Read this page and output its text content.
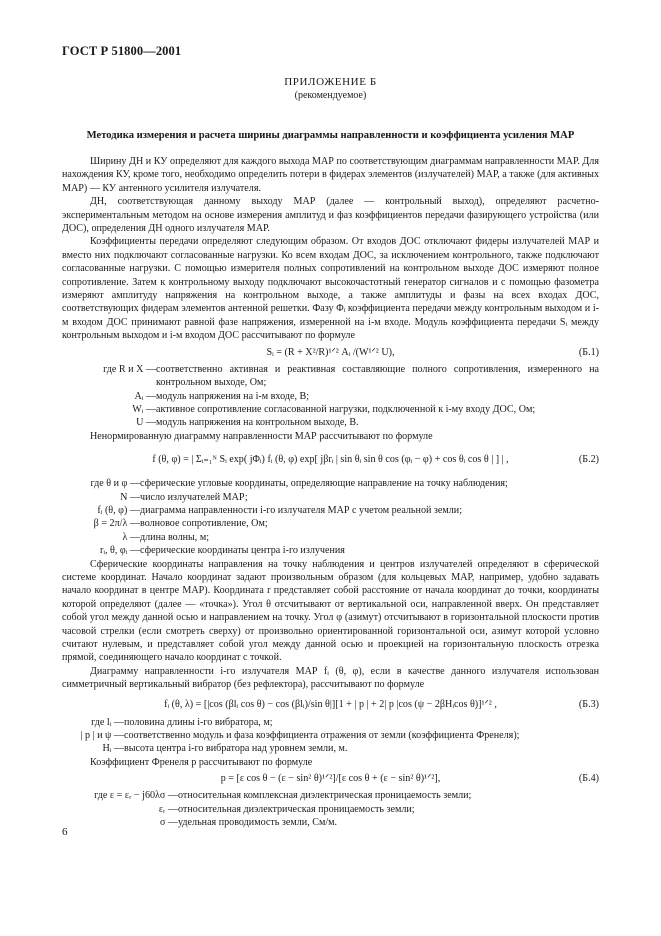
ГОСТ Р 51800—2001
ПРИЛОЖЕНИЕ Б
(рекомендуемое)
Методика измерения и расчета ширины диаграммы направленности и коэффициента усиления МАР

Ширину ДН и КУ определяют для каждого выхода МАР по соответствующим диаграммам направленности МАР. Для нахождения КУ, кроме того, необходимо определить потери в фидерах элементов (излучателей) МАР, а также (для активных МАР) — КУ антенного усилителя излучателя.

ДН, соответствующая данному выходу МАР (далее — контрольный выход), определяют расчетно-экспериментальным методом на основе измерения амплитуд и фаз коэффициентов передачи фазирующего устройства (или ДОС), определения ДН одного излучателя МАР.

Коэффициенты передачи определяют следующим образом. От входов ДОС отключают фидеры излучателей МАР и вместо них подключают согласованные нагрузки. Ко всем входам ДОС, за исключением контрольного, также подключают согласованные нагрузки. С помощью измерителя полных сопротивлений на контрольном выходе ДОС измеряют полное сопротивление. Затем к контрольному выходу подключают высокочастотный генератор сигналов и с помощью фазометра измеряют амплитуду напряжения на контрольном выходе, а также амплитуды и фазы на всех входах ДОС, соответствующих фидерам элементов антенной решетки. Фазу Φᵢ коэффициента передачи между контрольным выходом и i-м входом ДОС принимают равной фазе напряжения, измеренной на i-м входе. Модуль коэффициента передачи Sᵢ между контрольным выходом и i-м входом ДОС рассчитывают по формуле

Sᵢ = (R + X²/R)¹ᐟ² Aᵢ /(W¹ᐟ² U),	(Б.1)
где R и X — соответственно активная и реактивная составляющие полного сопротивления, измеренного на контрольном выходе, Ом;
Aᵢ — модуль напряжения на i-м входе, В;
Wᵢ — активное сопротивление согласованной нагрузки, подключенной к i-му входу ДОС, Ом;
U — модуль напряжения на контрольном выходе, В.

Ненормированную диаграмму направленности МАР рассчитывают по формуле

f (θ, φ) = | Σᵢ₌₁ᴺ Sᵢ exp( jΦᵢ) fᵢ (θ, φ) exp[ jβrᵢ | sin θᵢ sin θ cos (φᵢ − φ) + cos θᵢ cos θ | ] | ,	(Б.2)
где θ и φ — сферические угловые координаты, определяющие направление на точку наблюдения;
N — число излучателей МАР;
fᵢ (θ, φ) — диаграмма направленности i-го излучателя МАР с учетом реальной земли;
β = 2π/λ — волновое сопротивление, Ом;
λ — длина волны, м;
rᵢ, θ, φᵢ — сферические координаты центра i-го излучения

Сферические координаты направления на точку наблюдения и центров излучателей определяют в сферической системе координат. Начало координат задают произвольным образом (для кольцевых МАР, например, удобно задавать начало координат в центре МАР). Координата r представляет собой расстояние от начала координат до точки, координаты которой определяют (далее — «точка»). Угол θ отсчитывают от вертикальной оси, направленной вверх. Он представляет собой угол между данной осью и направлением на точку. Угол φ (азимут) отсчитывают в горизонтальной плоскости против часовой стрелки (если смотреть сверху) от произвольно ориентированной горизонтальной оси, азимут которой условно считают нулевым, и представляет собой угол между данной осью и проекцией на горизонтальную плоскость отрезка прямой, соединяющего начало координат с точкой.

Диаграмму направленности i-го излучателя МАР fᵢ (θ, φ), если в качестве данного излучателя использован симметричный вертикальный вибратор (без рефлектора), рассчитывают по формуле

fᵢ (θ, λ) = [|cos (βlᵢ cos θ) − cos (βlᵢ)/sin θ|][1 + | p | + 2| p |cos (ψ − 2βHᵢcos θ)]¹ᐟ² ,	(Б.3)
где lᵢ — половина длины i-го вибратора, м;
| p | и ψ — соответственно модуль и фаза коэффициента отражения от земли (коэффициента Френеля);
Hᵢ — высота центра i-го вибратора над уровнем земли, м.

Коэффициент Френеля p рассчитывают по формуле

p = [ε cos θ − (ε − sin² θ)¹ᐟ²]/[ε cos θ + (ε − sin² θ)¹ᐟ²],	(Б.4)
где ε = εᵣ − j60λσ — относительная комплексная диэлектрическая проницаемость земли;
εᵣ — относительная диэлектрическая проницаемость земли;
σ — удельная проводимость земли, См/м.
6
